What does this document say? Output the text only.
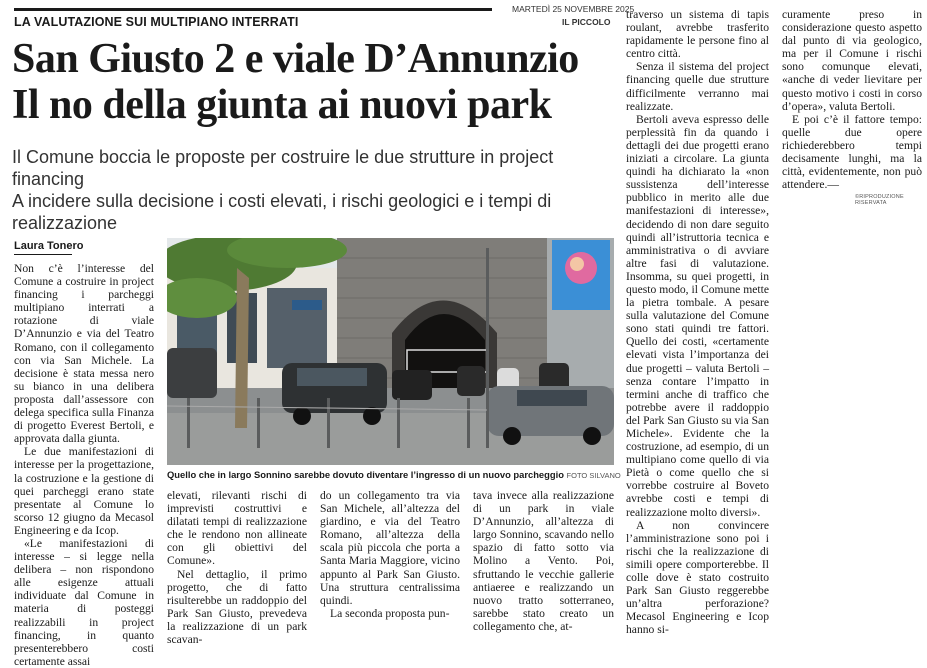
LA VALUTAZIONE SUI MULTIPIANO INTERRATI
MARTEDÌ 25 NOVEMBRE 2025
IL PICCOLO
San Giusto 2 e viale D’Annunzio
Il no della giunta ai nuovi park
Il Comune boccia le proposte per costruire le due strutture in project financing
A incidere sulla decisione i costi elevati, i rischi geologici e i tempi di realizzazione
Laura Tonero

Non c’è l’interesse del Comune a costruire in project financing i parcheggi multipiano interrati a rotazione di viale D’Annunzio e via del Teatro Romano, con il collegamento con via San Michele. La decisione è stata messa nero su bianco in una delibera proposta dall’assessore con delega specifica sulla Finanza di progetto Everest Bertoli, e approvata dalla giunta.

Le due manifestazioni di interesse per la progettazione, la costruzione e la gestione di quei parcheggi erano state presentate al Comune lo scorso 12 giugno da Mecasol Engineering e da Icop.

«Le manifestazioni di interesse – si legge nella delibera – non rispondono alle esigenze attuali individuate dal Comune in materia di posteggi realizzabili in project financing, in quanto presenterebbero costi certamente assai

Quello che in largo Sonnino sarebbe dovuto diventare l’ingresso di un nuovo parcheggio FOTO SILVANO

elevati, rilevanti rischi di imprevisti costruttivi e dilatati tempi di realizzazione che le rendono non allineate con gli obiettivi del Comune».

Nel dettaglio, il primo progetto, che di fatto risulterebbe un raddoppio del Park San Giusto, prevedeva la realizzazione di un park scavan-

do un collegamento tra via San Michele, all’altezza del giardino, e via del Teatro Romano, all’altezza della scala più piccola che porta a Santa Maria Maggiore, vicino appunto al Park San Giusto. Una struttura centralissima quindi.

La seconda proposta pun-

tava invece alla realizzazione di un park in viale D’Annunzio, all’altezza di largo Sonnino, scavando nello spazio di fatto sotto via Molino a Vento. Poi, sfruttando le vecchie gallerie antiaeree e realizzando un nuovo tratto sotterraneo, sarebbe stato creato un collegamento che, at-

traverso un sistema di tapis roulant, avrebbe trasferito rapidamente le persone fino al centro città.

Senza il sistema del project financing quelle due strutture difficilmente verranno mai realizzate.

Bertoli aveva espresso delle perplessità fin da quando i dettagli dei due progetti erano iniziati a circolare. La giunta quindi ha dichiarato la «non sussistenza dell’interesse pubblico in merito alle due manifestazioni di interesse», decidendo di non dare seguito quindi all’istruttoria tecnica e amministrativa o di avviare altre fasi di valutazione. Insomma, su quei progetti, in questo modo, il Comune mette la pietra tombale. A pesare sulla valutazione del Comune sono stati quindi tre fattori. Quello dei costi, «certamente elevati vista l’importanza dei due progetti – valuta Bertoli – senza contare l’impatto in termini anche di traffico che potrebbe avere il raddoppio del Park San Giusto su via San Michele». Evidente che la costruzione, ad esempio, di un multipiano come quello di via Pietà o come quello che si vorrebbe costruire al Boveto avrebbe costi e tempi di realizzazione molto diversi».

A non convincere l’amministrazione sono poi i rischi che la realizzazione di simili opere comporterebbe. Il colle dove è stato costruito Park San Giusto reggerebbe un’altra perforazione? Mecasol Engineering e Icop hanno si-

curamente preso in considerazione questo aspetto dal punto di via geologico, ma per il Comune i rischi sono comunque elevati, «anche di veder lievitare per questo motivo i costi in corso d’opera», valuta Bertoli.

E poi c’è il fattore tempo: quelle due opere richiederebbero tempi decisamente lunghi, ma la città, evidentemente, non può attendere.—

©RIPRODUZIONE RISERVATA
